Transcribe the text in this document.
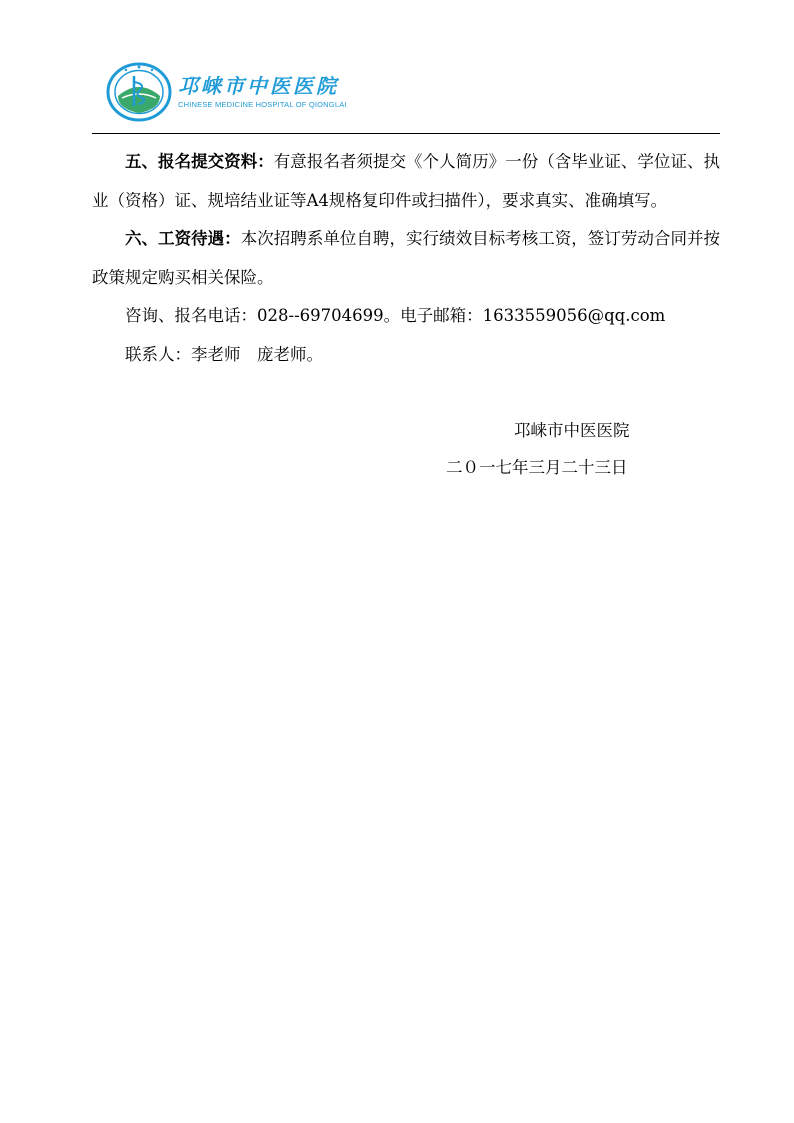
邛崃市中医医院
CHINESE MEDICINE HOSPITAL OF QIONGLAI

五、报名提交资料：有意报名者须提交《个人简历》一份（含毕业证、学位证、执业（资格）证、规培结业证等A4规格复印件或扫描件），要求真实、准确填写。

六、工资待遇：本次招聘系单位自聘，实行绩效目标考核工资，签订劳动合同并按政策规定购买相关保险。

咨询、报名电话：028--69704699。电子邮箱：1633559056@qq.com

联系人：李老师　庞老师。

邛崃市中医医院
二０一七年三月二十三日
